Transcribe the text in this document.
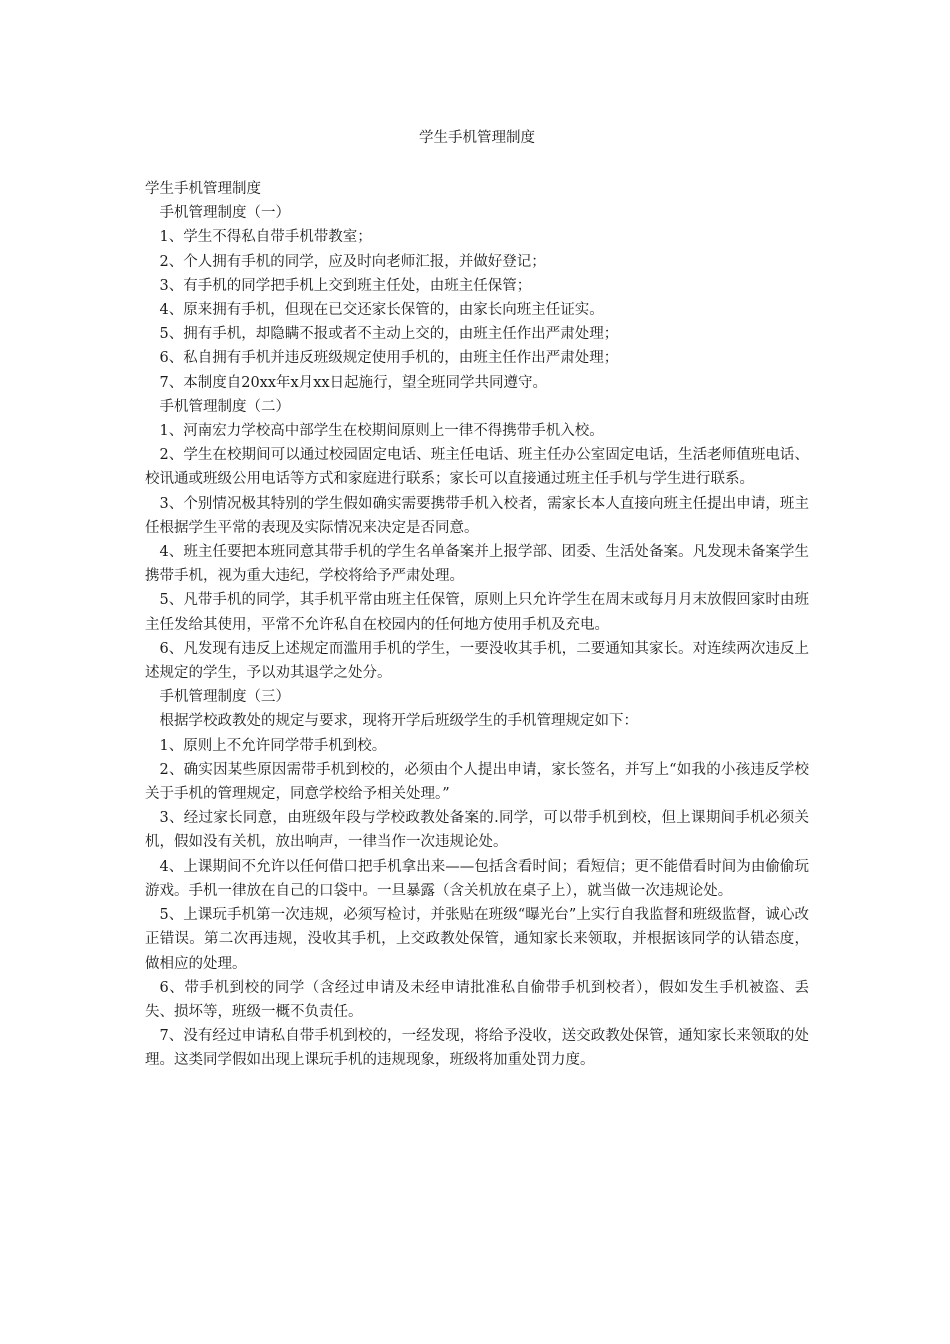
学生手机管理制度

学生手机管理制度

手机管理制度（一）

1、学生不得私自带手机带教室；

2、个人拥有手机的同学，应及时向老师汇报，并做好登记；

3、有手机的同学把手机上交到班主任处，由班主任保管；

4、原来拥有手机，但现在已交还家长保管的，由家长向班主任证实。

5、拥有手机，却隐瞒不报或者不主动上交的，由班主任作出严肃处理；

6、私自拥有手机并违反班级规定使用手机的，由班主任作出严肃处理；

7、本制度自20xx年x月xx日起施行，望全班同学共同遵守。

手机管理制度（二）

1、河南宏力学校高中部学生在校期间原则上一律不得携带手机入校。

2、学生在校期间可以通过校园固定电话、班主任电话、班主任办公室固定电话，生活老师值班电话、校讯通或班级公用电话等方式和家庭进行联系；家长可以直接通过班主任手机与学生进行联系。

3、个别情况极其特别的学生假如确实需要携带手机入校者，需家长本人直接向班主任提出申请，班主任根据学生平常的表现及实际情况来决定是否同意。

4、班主任要把本班同意其带手机的学生名单备案并上报学部、团委、生活处备案。凡发现未备案学生携带手机，视为重大违纪，学校将给予严肃处理。

5、凡带手机的同学，其手机平常由班主任保管，原则上只允许学生在周末或每月月末放假回家时由班主任发给其使用，平常不允许私自在校园内的任何地方使用手机及充电。

6、凡发现有违反上述规定而滥用手机的学生，一要没收其手机，二要通知其家长。对连续两次违反上述规定的学生，予以劝其退学之处分。

手机管理制度（三）

根据学校政教处的规定与要求，现将开学后班级学生的手机管理规定如下：

1、原则上不允许同学带手机到校。

2、确实因某些原因需带手机到校的，必须由个人提出申请，家长签名，并写上“如我的小孩违反学校关于手机的管理规定，同意学校给予相关处理。”

3、经过家长同意，由班级年段与学校政教处备案的.同学，可以带手机到校，但上课期间手机必须关机，假如没有关机，放出响声，一律当作一次违规论处。

4、上课期间不允许以任何借口把手机拿出来——包括含看时间；看短信；更不能借看时间为由偷偷玩游戏。手机一律放在自己的口袋中。一旦暴露（含关机放在桌子上），就当做一次违规论处。

5、上课玩手机第一次违规，必须写检讨，并张贴在班级“曝光台”上实行自我监督和班级监督，诚心改正错误。第二次再违规，没收其手机，上交政教处保管，通知家长来领取，并根据该同学的认错态度，做相应的处理。

6、带手机到校的同学（含经过申请及未经申请批准私自偷带手机到校者），假如发生手机被盗、丢失、损坏等，班级一概不负责任。

7、没有经过申请私自带手机到校的，一经发现，将给予没收，送交政教处保管，通知家长来领取的处理。这类同学假如出现上课玩手机的违规现象，班级将加重处罚力度。
